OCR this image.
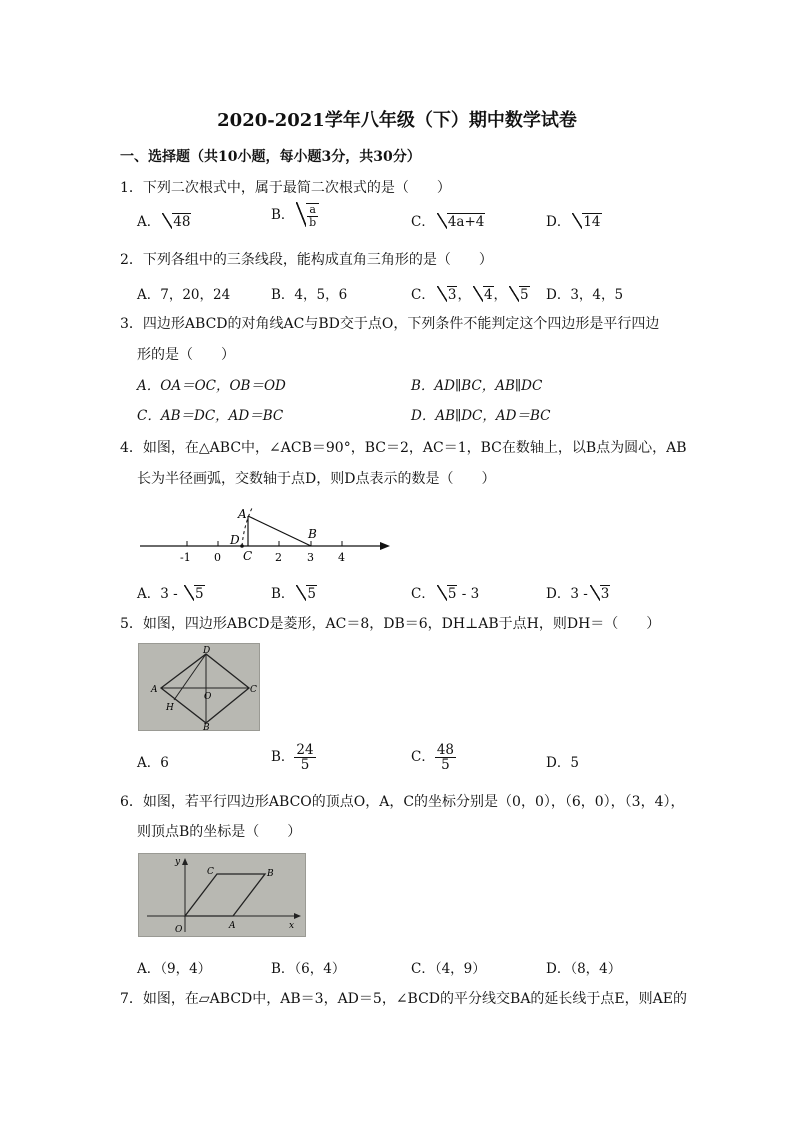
2020-2021学年八年级（下）期中数学试卷
一、选择题（共10小题，每小题3分，共30分）
1．下列二次根式中，属于最简二次根式的是（　　）
A． 48	B． $\frac{a}{b}$	C． 4a+4	D． 14
2．下列各组中的三条线段，能构成直角三角形的是（　　）
A．7，20，24	B．4，5，6	C． 3， 4， 5 D．3，4，5
3．四边形ABCD的对角线AC与BD交于点O，下列条件不能判定这个四边形是平行四边
形的是（　　）
A．OA＝OC，OB＝OD	B．AD∥BC，AB∥DC
C．AB＝DC，AD＝BC	D．AB∥DC，AD＝BC
4．如图，在△ABC中，∠ACB＝90°，BC＝2，AC＝1，BC在数轴上，以B点为圆心，AB
长为半径画弧，交数轴于点D，则D点表示的数是（　　）
A
D
C
B
-1 0	2 3 4
A．3 - 5	B． 5	C． 5 - 3	D．3 - 3
5．如图，四边形ABCD是菱形，AC＝8，DB＝6，DH⊥AB于点H，则DH＝（　　）
A
D
C
B
O
H
A．6	B． $\frac{24}{5}$	C． $\frac{48}{5}$	D．5
6．如图，若平行四边形ABCO的顶点O，A，C的坐标分别是（0，0），（6，0），（3，4），
则顶点B的坐标是（　　）
O	A
B
C
x
y
A．（9，4）	B．（6，4）	C．（4，9）	D．（8，4）
7．如图，在▱ABCD中，AB＝3，AD＝5，∠BCD的平分线交BA的延长线于点E，则AE的
